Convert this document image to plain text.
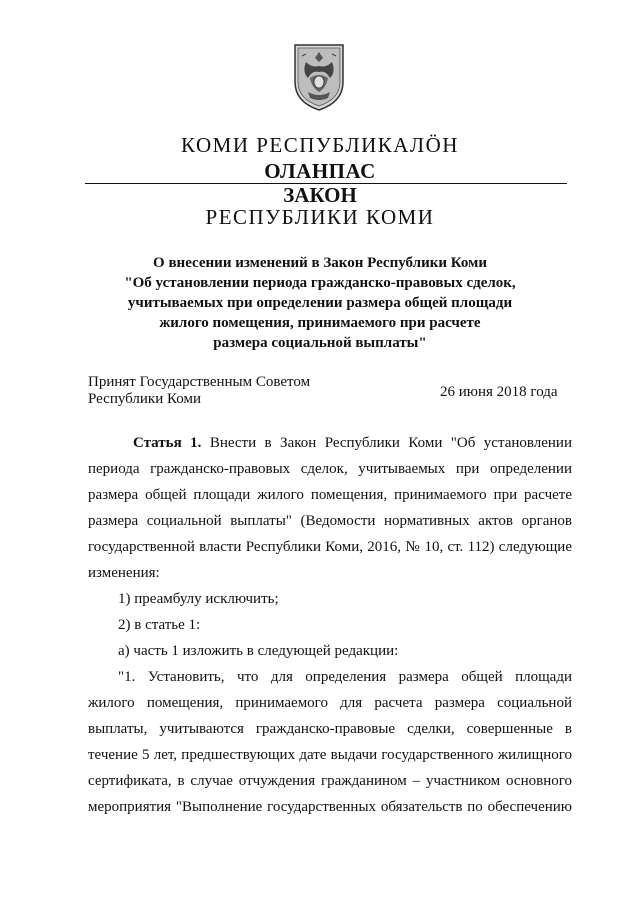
КОМИ РЕСПУБЛИКАЛÖН
ОЛАНПАС
ЗАКОН
РЕСПУБЛИКИ КОМИ
О внесении изменений в Закон Республики Коми
"Об установлении периода гражданско-правовых сделок,
учитываемых при определении размера общей площади
жилого помещения, принимаемого при расчете
размера социальной выплаты"
Принят Государственным Советом
Республики Коми	26 июня 2018 года
Статья 1. Внести в Закон Республики Коми "Об установлении
периода гражданско-правовых сделок, учитываемых при определении
размера общей площади жилого помещения, принимаемого при расчете
размера социальной выплаты" (Ведомости нормативных актов органов
государственной власти Республики Коми, 2016, № 10, ст. 112) следующие
изменения:
1) преамбулу исключить;
2) в статье 1:
а) часть 1 изложить в следующей редакции:
"1. Установить, что для определения размера общей площади
жилого помещения, принимаемого для расчета размера социальной
выплаты, учитываются гражданско-правовые сделки, совершенные в
течение 5 лет, предшествующих дате выдачи государственного жилищного
сертификата, в случае отчуждения гражданином – участником основного
мероприятия "Выполнение государственных обязательств по обеспечению
